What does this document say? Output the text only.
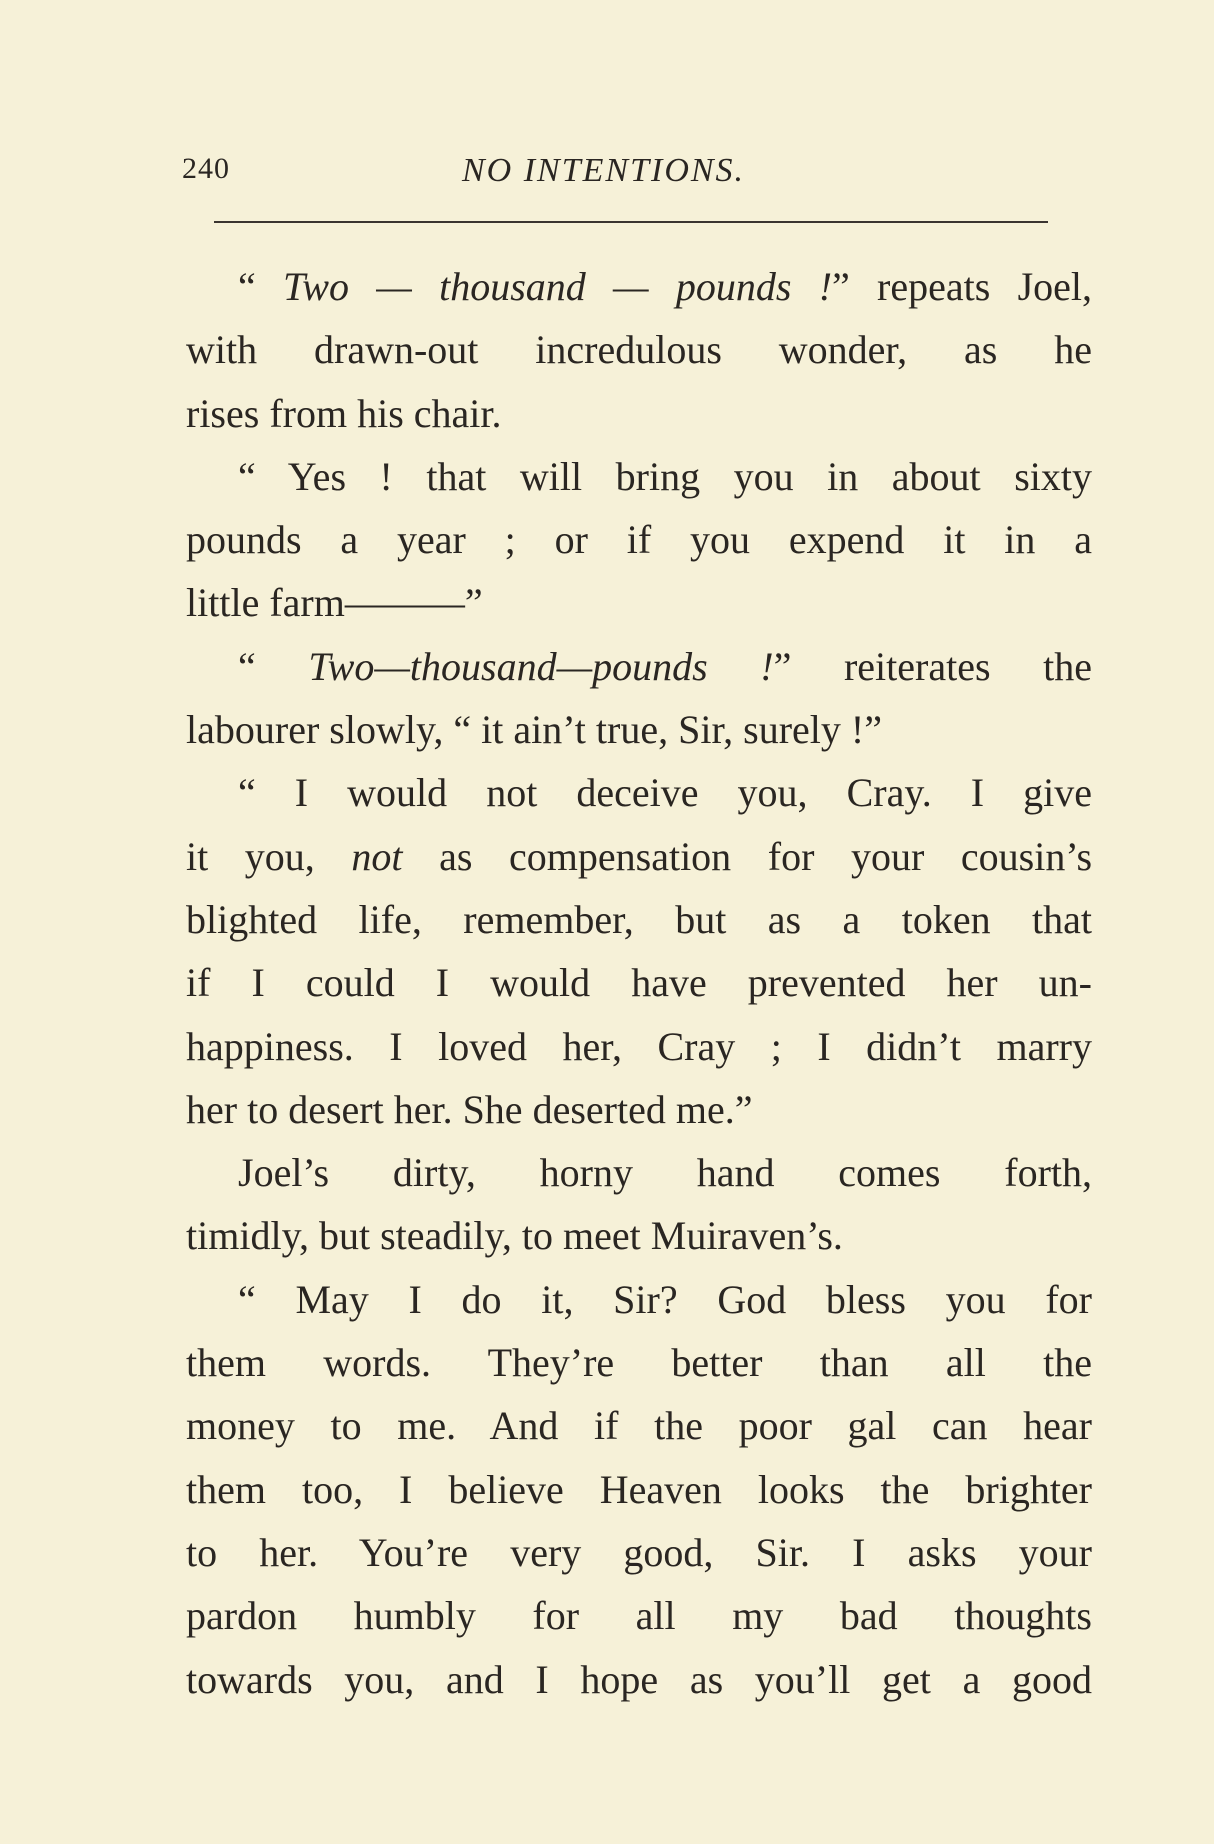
240	NO INTENTIONS.
“ Two — thousand — pounds !” repeats Joel,
with drawn-out incredulous wonder, as he
rises from his chair.
“ Yes ! that will bring you in about sixty
pounds a year ; or if you expend it in a
little farm———”
“ Two—thousand—pounds !” reiterates the
labourer slowly, “ it ain’t true, Sir, surely !”
“ I would not deceive you, Cray. I give
it you, not as compensation for your cousin’s
blighted life, remember, but as a token that
if I could I would have prevented her un-
happiness. I loved her, Cray ; I didn’t marry
her to desert her. She deserted me.”
Joel’s dirty, horny hand comes forth,
timidly, but steadily, to meet Muiraven’s.
“ May I do it, Sir? God bless you for
them words. They’re better than all the
money to me. And if the poor gal can hear
them too, I believe Heaven looks the brighter
to her. You’re very good, Sir. I asks your
pardon humbly for all my bad thoughts
towards you, and I hope as you’ll get a good
